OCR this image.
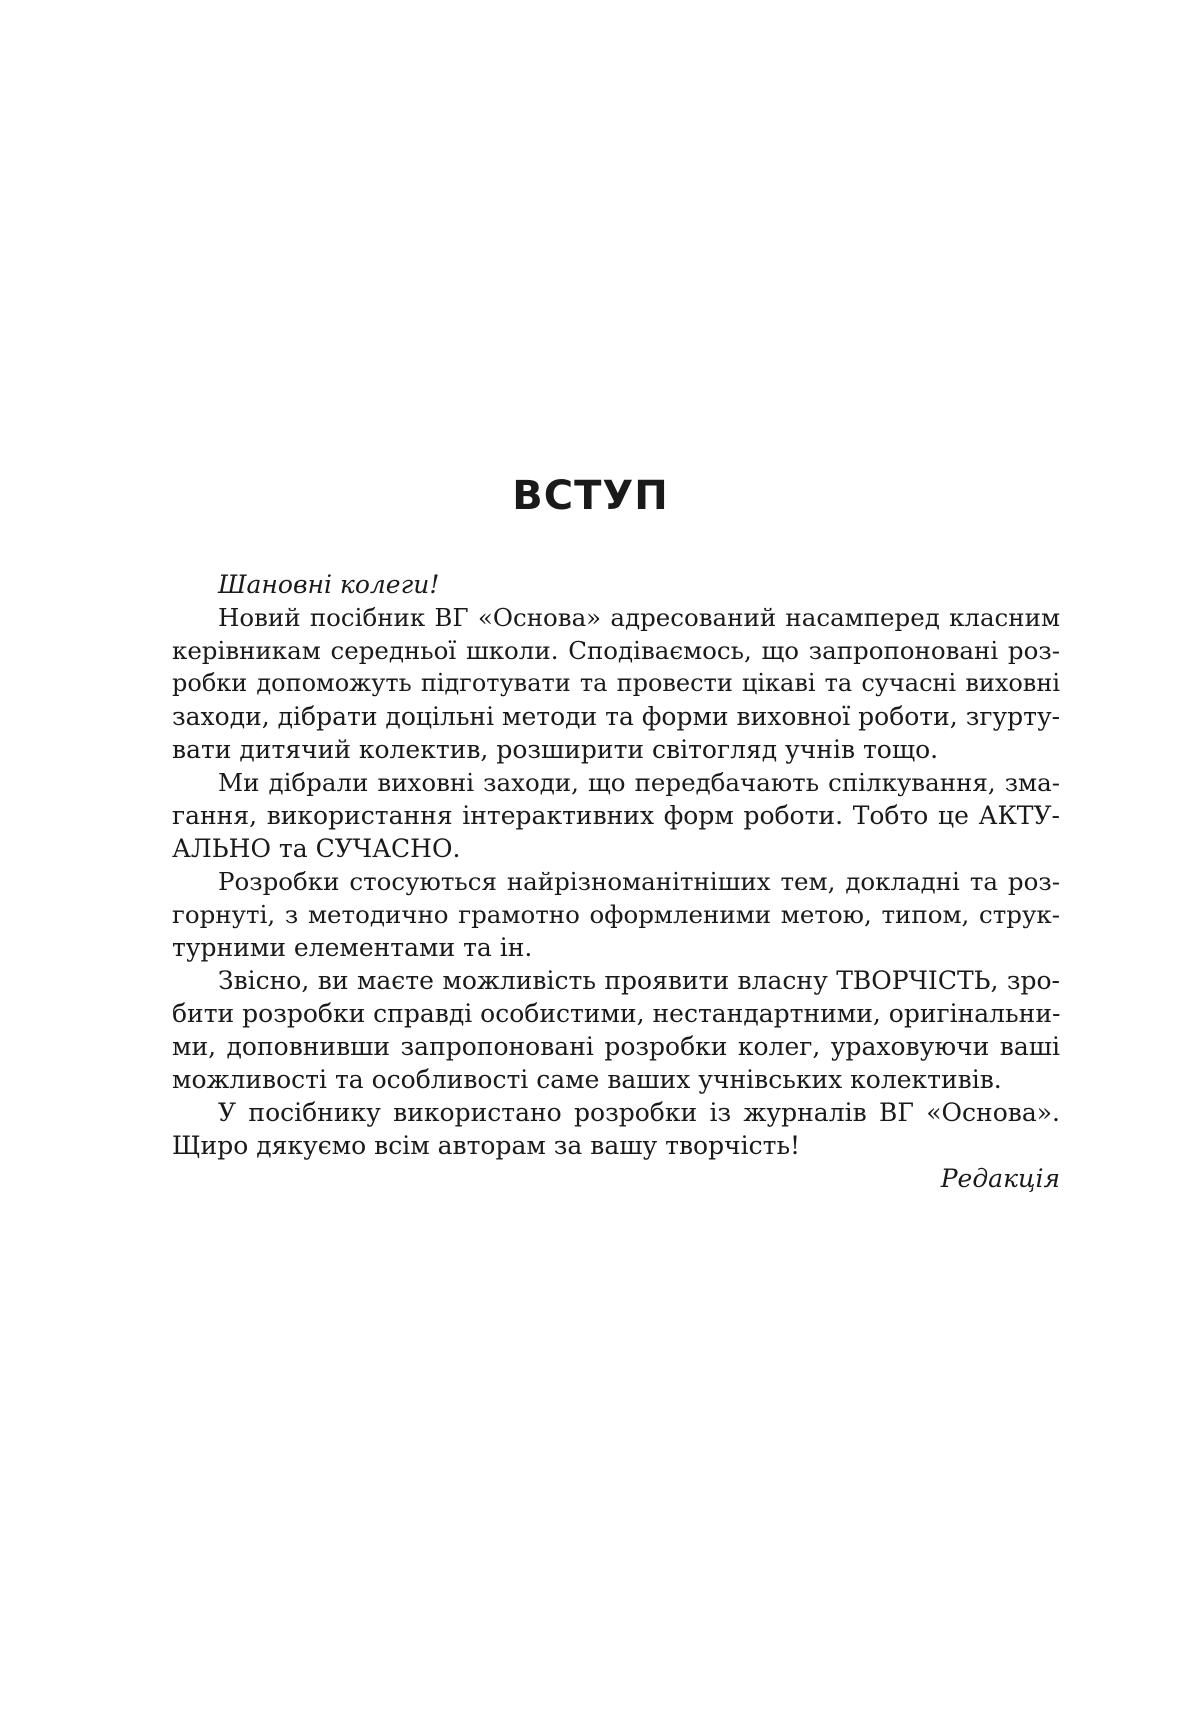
ВСТУП
Шановні колеги!
Новий посібник ВГ «Основа» адресований насамперед класним
керівникам середньої школи. Сподіваємось, що запропоновані роз-
робки допоможуть підготувати та провести цікаві та сучасні виховні
заходи, дібрати доцільні методи та форми виховної роботи, згурту-
вати дитячий колектив, розширити світогляд учнів тощо.
Ми дібрали виховні заходи, що передбачають спілкування, зма-
гання, використання інтерактивних форм роботи. Тобто це АКТУ-
АЛЬНО та СУЧАСНО.
Розробки стосуються найрізноманітніших тем, докладні та роз-
горнуті, з методично грамотно оформленими метою, типом, струк-
турними елементами та ін.
Звісно, ви маєте можливість проявити власну ТВОРЧІСТЬ, зро-
бити розробки справді особистими, нестандартними, оригінальни-
ми, доповнивши запропоновані розробки колег, ураховуючи ваші
можливості та особливості саме ваших учнівських колективів.
У посібнику використано розробки із журналів ВГ «Основа».
Щиро дякуємо всім авторам за вашу творчість!
Редакція
